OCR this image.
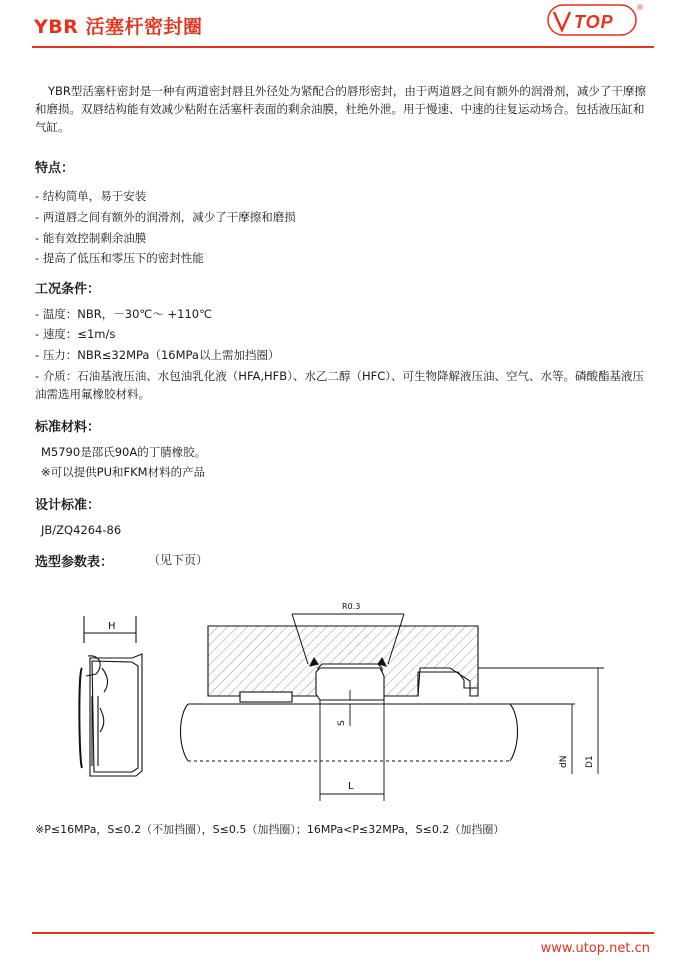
YBR 活塞杆密封圈	TOP
®
YBR型活塞杆密封是一种有两道密封唇且外径处为紧配合的唇形密封，由于两道唇之间有额外的润滑剂，减少了干摩擦和磨损。双唇结构能有效减少粘附在活塞杆表面的剩余油膜，杜绝外泄。用于慢速、中速的往复运动场合。包括液压缸和气缸。
特点：
- 结构简单，易于安装
- 两道唇之间有额外的润滑剂，减少了干摩擦和磨损
- 能有效控制剩余油膜
- 提高了低压和零压下的密封性能
工况条件：
- 温度：NBR，－30℃～ +110℃
- 速度：≤1m/s
- 压力：NBR≤32MPa（16MPa以上需加挡圈）
- 介质：石油基液压油、水包油乳化液（HFA,HFB）、水乙二醇（HFC）、可生物降解液压油、空气、水等。磷酸酯基液压油需选用氟橡胶材料。
标准材料：
M5790是邵氏90A的丁腈橡胶。
※可以提供PU和FKM材料的产品
设计标准：
JB/ZQ4264-86
选型参数表：	（见下页）
R0.3
H
S
L
dN D1
※P≤16MPa，S≤0.2（不加挡圈），S≤0.5（加挡圈）；16MPa<P≤32MPa，S≤0.2（加挡圈）
www.utop.net.cn
